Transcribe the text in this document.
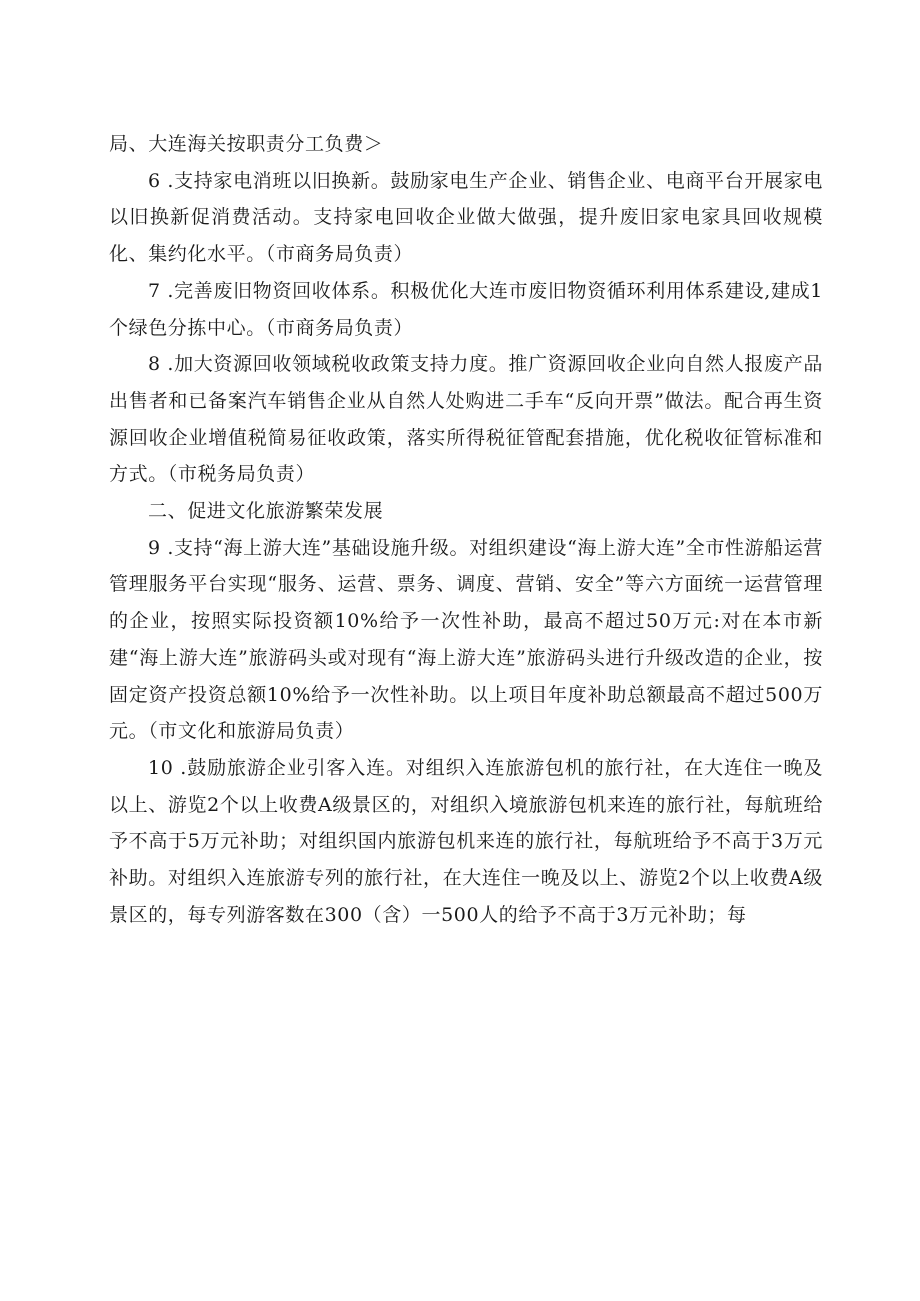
局、大连海关按职责分工负费＞

6 .支持家电消班以旧换新。鼓励家电生产企业、销售企业、电商平台开展家电以旧换新促消费活动。支持家电回收企业做大做强，提升废旧家电家具回收规模化、集约化水平。（市商务局负责）

7 .完善废旧物资回收体系。积极优化大连市废旧物资循环利用体系建设,建成1个绿色分拣中心。（市商务局负责）

8 .加大资源回收领域税收政策支持力度。推广资源回收企业向自然人报废产品出售者和已备案汽车销售企业从自然人处购进二手车“反向开票”做法。配合再生资源回收企业增值税简易征收政策，落实所得税征管配套措施，优化税收征管标准和方式。（市税务局负责）

二、促进文化旅游繁荣发展

9 .支持“海上游大连”基础设施升级。对组织建设“海上游大连”全市性游船运营管理服务平台实现“服务、运营、票务、调度、营销、安全”等六方面统一运营管理的企业，按照实际投资额10%给予一次性补助，最高不超过50万元:对在本市新建“海上游大连”旅游码头或对现有“海上游大连”旅游码头进行升级改造的企业，按固定资产投资总额10%给予一次性补助。以上项目年度补助总额最高不超过500万元。（市文化和旅游局负责）

10 .鼓励旅游企业引客入连。对组织入连旅游包机的旅行社，在大连住一晚及以上、游览2个以上收费A级景区的，对组织入境旅游包机来连的旅行社，每航班给予不高于5万元补助；对组织国内旅游包机来连的旅行社，每航班给予不高于3万元补助。对组织入连旅游专列的旅行社，在大连住一晚及以上、游览2个以上收费A级景区的，每专列游客数在300（含）一500人的给予不高于3万元补助；每
